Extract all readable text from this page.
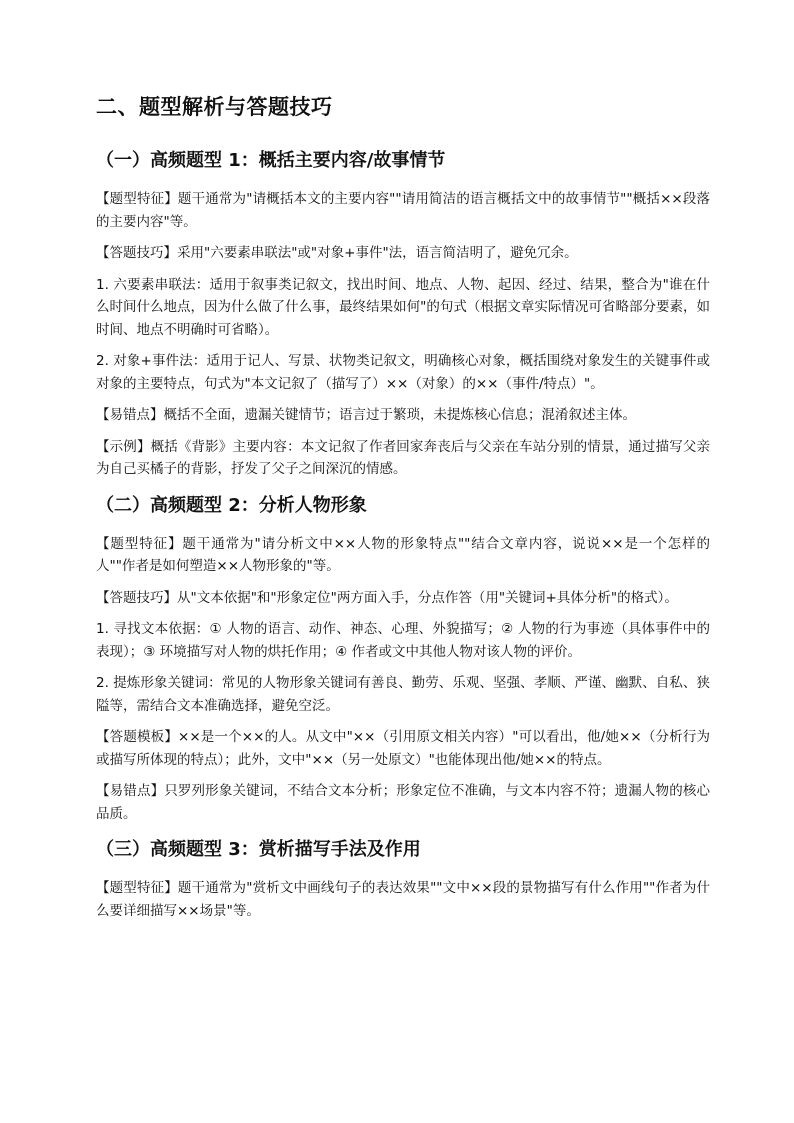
二、题型解析与答题技巧
（一）高频题型 1：概括主要内容/故事情节

【题型特征】题干通常为"请概括本文的主要内容""请用简洁的语言概括文中的故事情节""概括××段落的主要内容"等。

【答题技巧】采用"六要素串联法"或"对象+事件"法，语言简洁明了，避免冗余。

1. 六要素串联法：适用于叙事类记叙文，找出时间、地点、人物、起因、经过、结果，整合为"谁在什么时间什么地点，因为什么做了什么事，最终结果如何"的句式（根据文章实际情况可省略部分要素，如时间、地点不明确时可省略）。

2. 对象+事件法：适用于记人、写景、状物类记叙文，明确核心对象，概括围绕对象发生的关键事件或对象的主要特点，句式为"本文记叙了（描写了）××（对象）的××（事件/特点）"。

【易错点】概括不全面，遗漏关键情节；语言过于繁琐，未提炼核心信息；混淆叙述主体。

【示例】概括《背影》主要内容：本文记叙了作者回家奔丧后与父亲在车站分别的情景，通过描写父亲为自己买橘子的背影，抒发了父子之间深沉的情感。

（二）高频题型 2：分析人物形象

【题型特征】题干通常为"请分析文中××人物的形象特点""结合文章内容，说说××是一个怎样的人""作者是如何塑造××人物形象的"等。

【答题技巧】从"文本依据"和"形象定位"两方面入手，分点作答（用"关键词+具体分析"的格式）。

1. 寻找文本依据：① 人物的语言、动作、神态、心理、外貌描写；② 人物的行为事迹（具体事件中的表现）；③ 环境描写对人物的烘托作用；④ 作者或文中其他人物对该人物的评价。

2. 提炼形象关键词：常见的人物形象关键词有善良、勤劳、乐观、坚强、孝顺、严谨、幽默、自私、狭隘等，需结合文本准确选择，避免空泛。

【答题模板】××是一个××的人。从文中"××（引用原文相关内容）"可以看出，他/她××（分析行为或描写所体现的特点）；此外，文中"××（另一处原文）"也能体现出他/她××的特点。

【易错点】只罗列形象关键词，不结合文本分析；形象定位不准确，与文本内容不符；遗漏人物的核心品质。

（三）高频题型 3：赏析描写手法及作用

【题型特征】题干通常为"赏析文中画线句子的表达效果""文中××段的景物描写有什么作用""作者为什么要详细描写××场景"等。
